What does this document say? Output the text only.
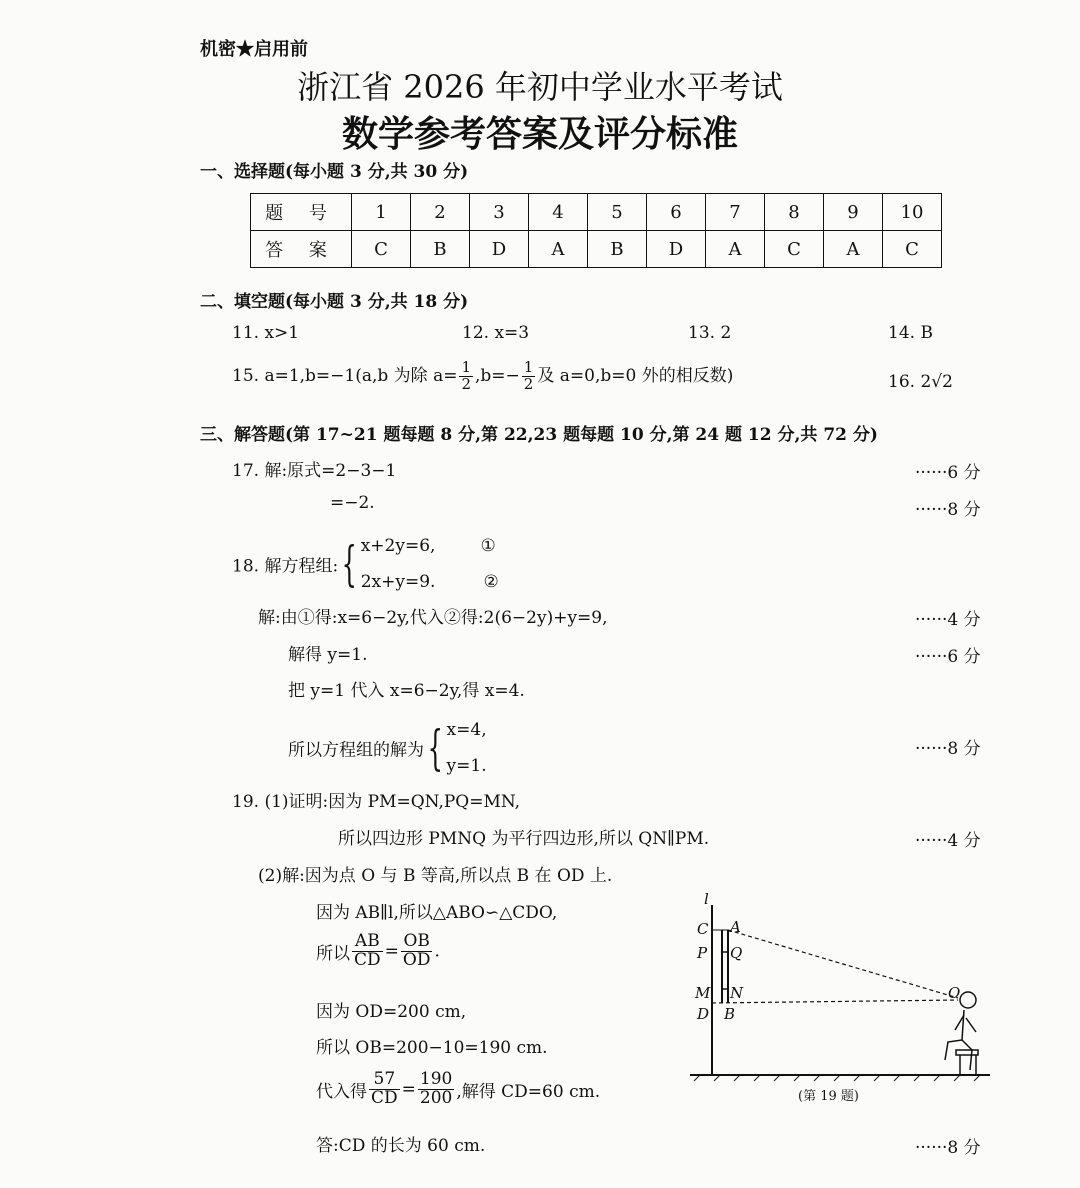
机密★启用前
浙江省 2026 年初中学业水平考试
数学参考答案及评分标准
一、选择题(每小题 3 分,共 30 分)
题 号	1	2	3	4	5	6	7	8	9	10
答 案	C	B	D	A	B	D	A	C	A	C
二、填空题(每小题 3 分,共 18 分)
11. x>1	12. x=3	13. 2	14. B
15. a=1,b=−1(a,b 为除 $a= \frac{1}{2} ,b=- \frac{1}{2}$ 及 a=0,b=0 外的相反数)	16. 2√2
三、解答题(第 17~21 题每题 8 分,第 22,23 题每题 10 分,第 24 题 12 分,共 72 分)
17. 解:原式=2−3−1	······6 分
=−2.	······8 分
18. 解方程组:{ x+2y=6,	①
2x+y=9.	②
解:由①得:x=6−2y,代入②得:2(6−2y)+y=9,	······4 分
解得 y=1.	······6 分
把 y=1 代入 x=6−2y,得 x=4.
所以方程组的解为{ x=4,
y=1.
······8 分
19. (1)证明:因为 PM=QN,PQ=MN,
所以四边形 PMNQ 为平行四边形,所以 QN∥PM.	······4 分
(2)解:因为点 O 与 B 等高,所以点 B 在 OD 上.
因为 AB∥l,所以△ABO∽△CDO,
所以 $\frac{AB}{CD} = \frac{OB}{OD}$ .
因为 OD=200 cm,
所以 OB=200−10=190 cm.
代入得 $\frac{57}{CD} = \frac{190}{200}$ ,解得 CD=60 cm.
答:CD 的长为 60 cm.	······8 分
l
C A
P Q
M N
D B
O
(第 19 题)
